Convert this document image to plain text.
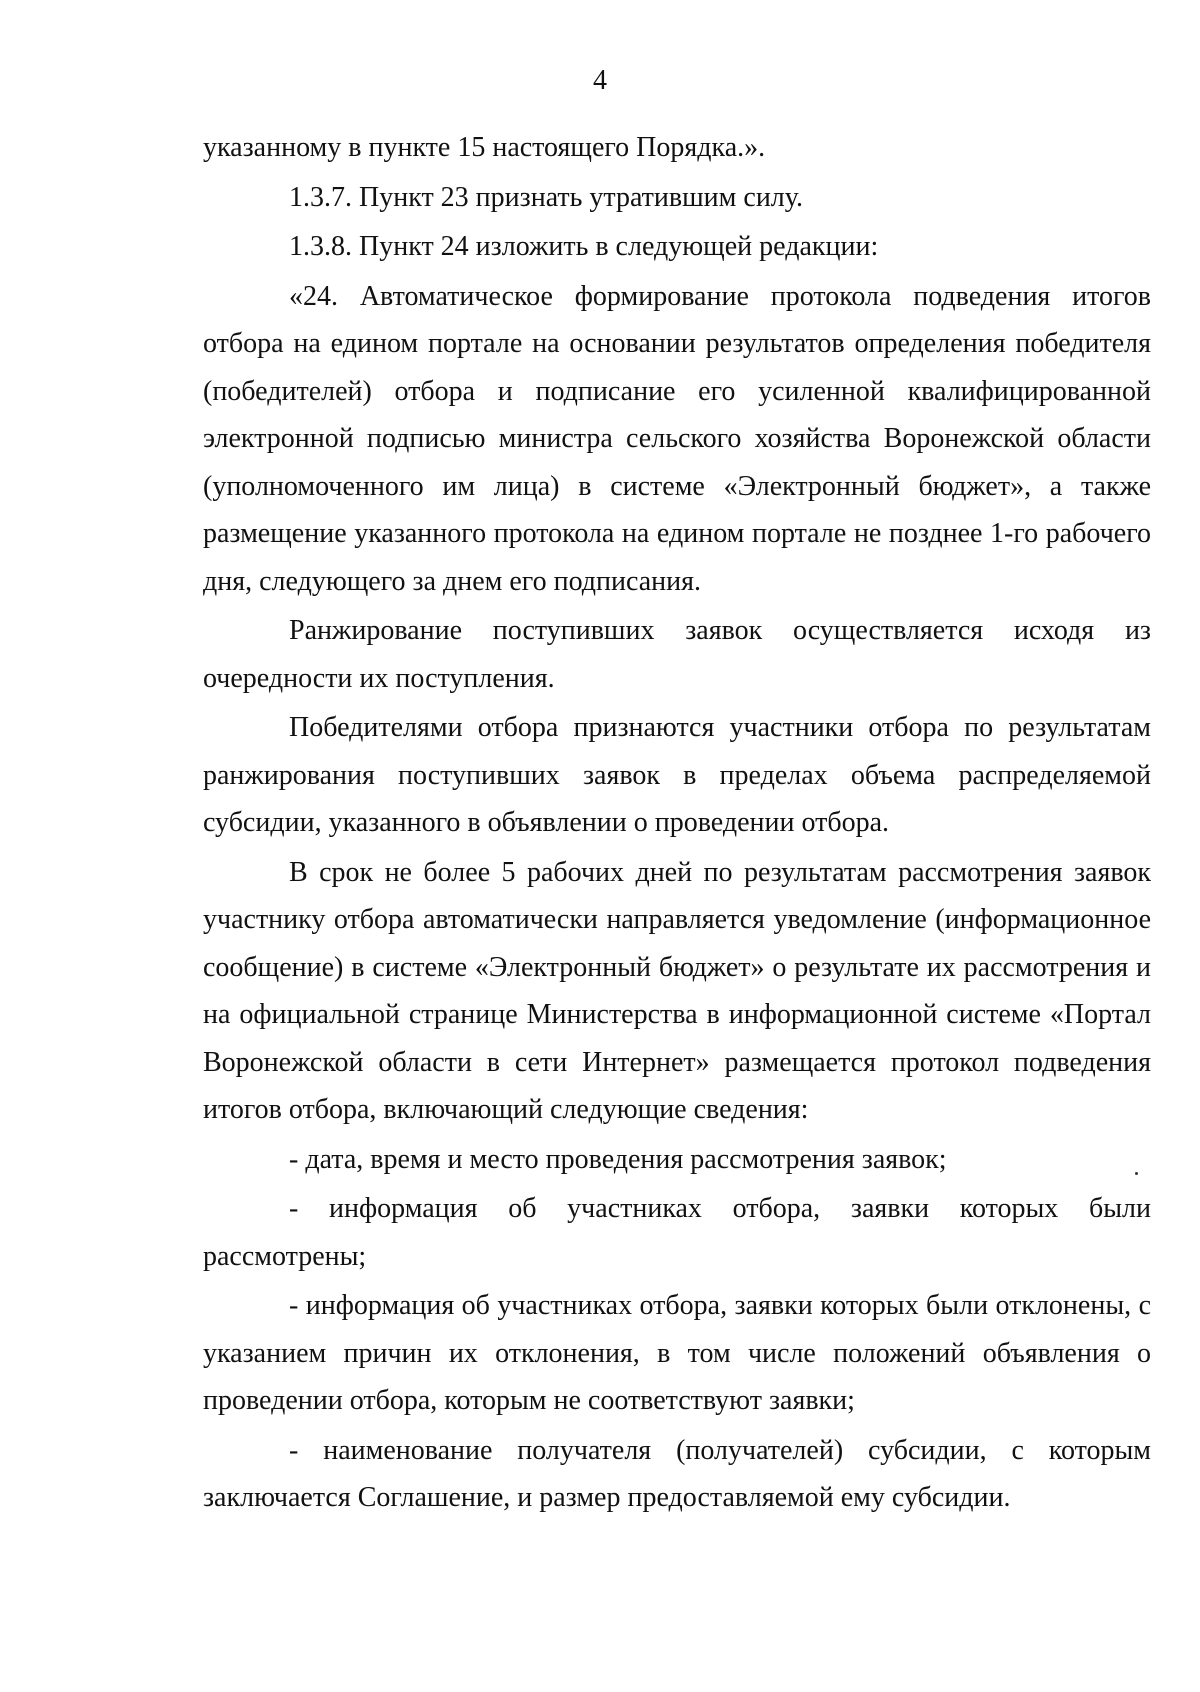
4

указанному в пункте 15 настоящего Порядка.».

1.3.7. Пункт 23 признать утратившим силу.

1.3.8. Пункт 24 изложить в следующей редакции:

«24. Автоматическое формирование протокола подведения итогов отбора на едином портале на основании результатов определения победителя (победителей) отбора и подписание его усиленной квалифицированной электронной подписью министра сельского хозяйства Воронежской области (уполномоченного им лица) в системе «Электронный бюджет», а также размещение указанного протокола на едином портале не позднее 1-го рабочего дня, следующего за днем его подписания.

Ранжирование поступивших заявок осуществляется исходя из очередности их поступления.

Победителями отбора признаются участники отбора по результатам ранжирования поступивших заявок в пределах объема распределяемой субсидии, указанного в объявлении о проведении отбора.

В срок не более 5 рабочих дней по результатам рассмотрения заявок участнику отбора автоматически направляется уведомление (информационное сообщение) в системе «Электронный бюджет» о результате их рассмотрения и на официальной странице Министерства в информационной системе «Портал Воронежской области в сети Интернет» размещается протокол подведения итогов отбора, включающий следующие сведения:

- дата, время и место проведения рассмотрения заявок;

- информация об участниках отбора, заявки которых были рассмотрены;

- информация об участниках отбора, заявки которых были отклонены, с указанием причин их отклонения, в том числе положений объявления о проведении отбора, которым не соответствуют заявки;

- наименование получателя (получателей) субсидии, с которым заключается Соглашение, и размер предоставляемой ему субсидии.
